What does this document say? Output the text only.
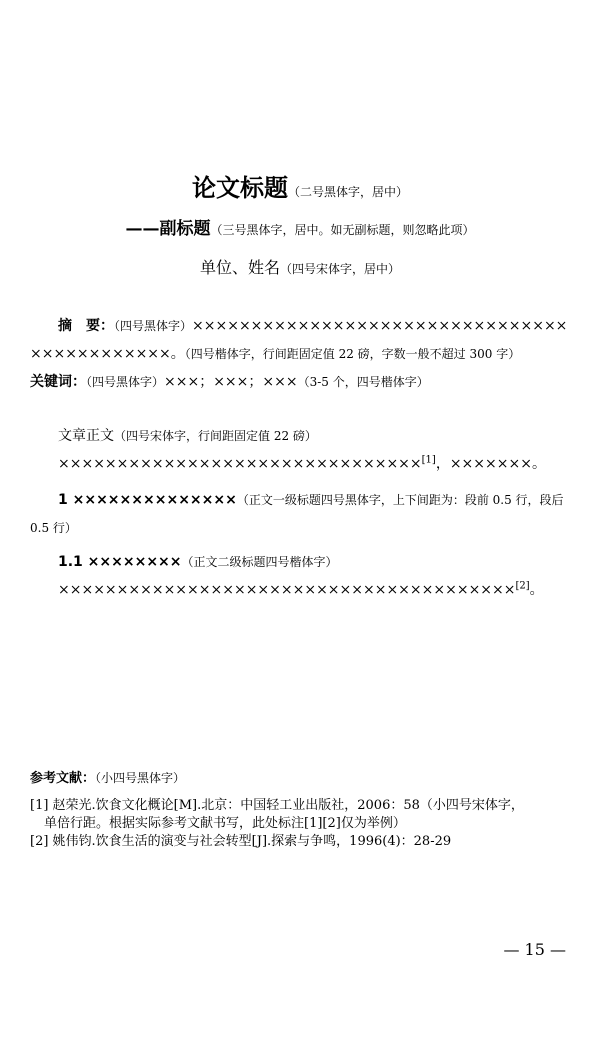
论文标题（二号黑体字，居中）
——副标题（三号黑体字，居中。如无副标题，则忽略此项）
单位、姓名（四号宋体字，居中）

摘　要：（四号黑体字）××××××××××××××××××××××××××××××××××××××××××××。（四号楷体字，行间距固定值 22 磅，字数一般不超过 300 字）

关键词：（四号黑体字）×××；×××；×××（3-5 个，四号楷体字）

文章正文（四号宋体字，行间距固定值 22 磅）

×××××××××××××××××××××××××××××××[1]，×××××××。

1 ××××××××××××××（正文一级标题四号黑体字，上下间距为：段前 0.5 行，段后 0.5 行）

1.1 ××××××××（正文二级标题四号楷体字）

×××××××××××××××××××××××××××××××××××××××[2]。

参考文献：（小四号黑体字）
[1] 赵荣光.饮食文化概论[M].北京：中国轻工业出版社，2006：58（小四号宋体字，
单倍行距。根据实际参考文献书写，此处标注[1][2]仅为举例）
[2] 姚伟钧.饮食生活的演变与社会转型[J].探索与争鸣，1996(4)：28-29
— 15 —
